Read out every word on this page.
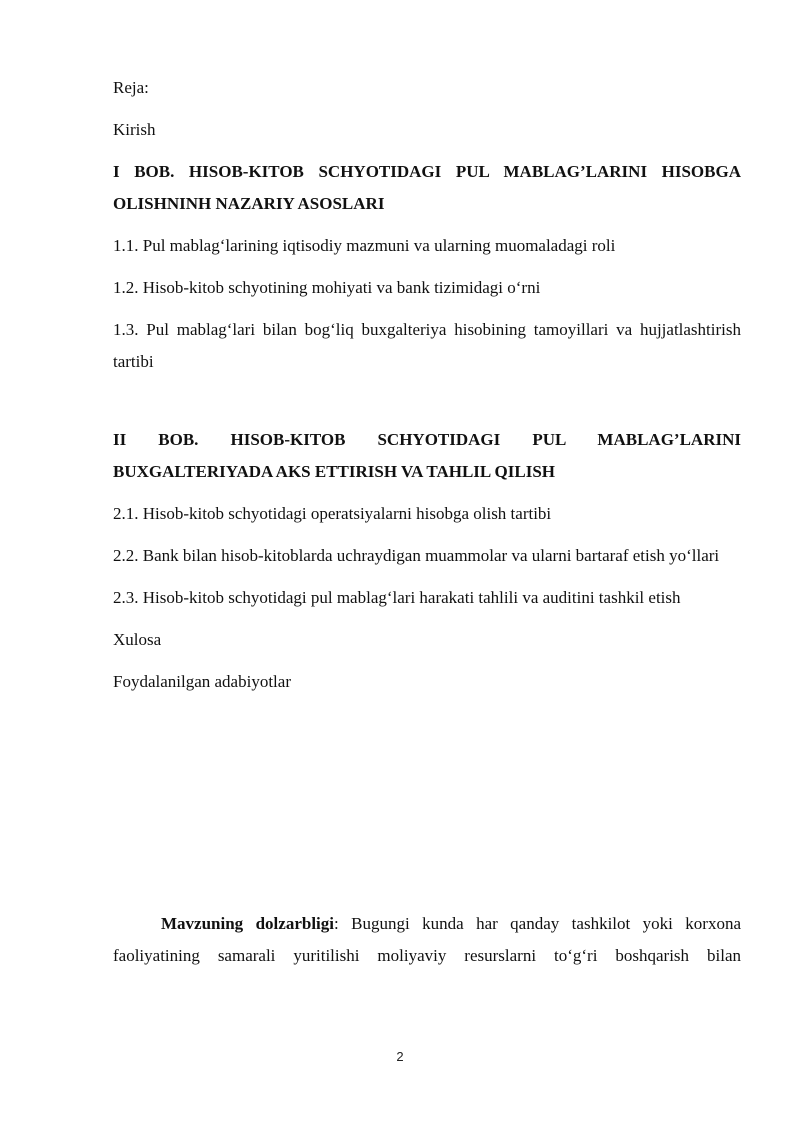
Reja:

Kirish

I BOB. HISOB-KITOB SCHYOTIDAGI PUL MABLAG’LARINI HISOBGA OLISHNINH NAZARIY ASOSLARI

1.1. Pul mablag‘larining iqtisodiy mazmuni va ularning muomaladagi roli

1.2. Hisob-kitob schyotining mohiyati va bank tizimidagi o‘rni

1.3. Pul mablag‘lari bilan bog‘liq buxgalteriya hisobining tamoyillari va hujjatlashtirish tartibi

II BOB. HISOB-KITOB SCHYOTIDAGI PUL MABLAG’LARINI BUXGALTERIYADA AKS ETTIRISH VA TAHLIL QILISH

2.1. Hisob-kitob schyotidagi operatsiyalarni hisobga olish tartibi

2.2. Bank bilan hisob-kitoblarda uchraydigan muammolar va ularni bartaraf etish yo‘llari

2.3. Hisob-kitob schyotidagi pul mablag‘lari harakati tahlili va auditini tashkil etish

Xulosa

Foydalanilgan adabiyotlar

Mavzuning dolzarbligi: Bugungi kunda har qanday tashkilot yoki korxona faoliyatining samarali yuritilishi moliyaviy resurslarni to‘g‘ri boshqarish bilan

2
